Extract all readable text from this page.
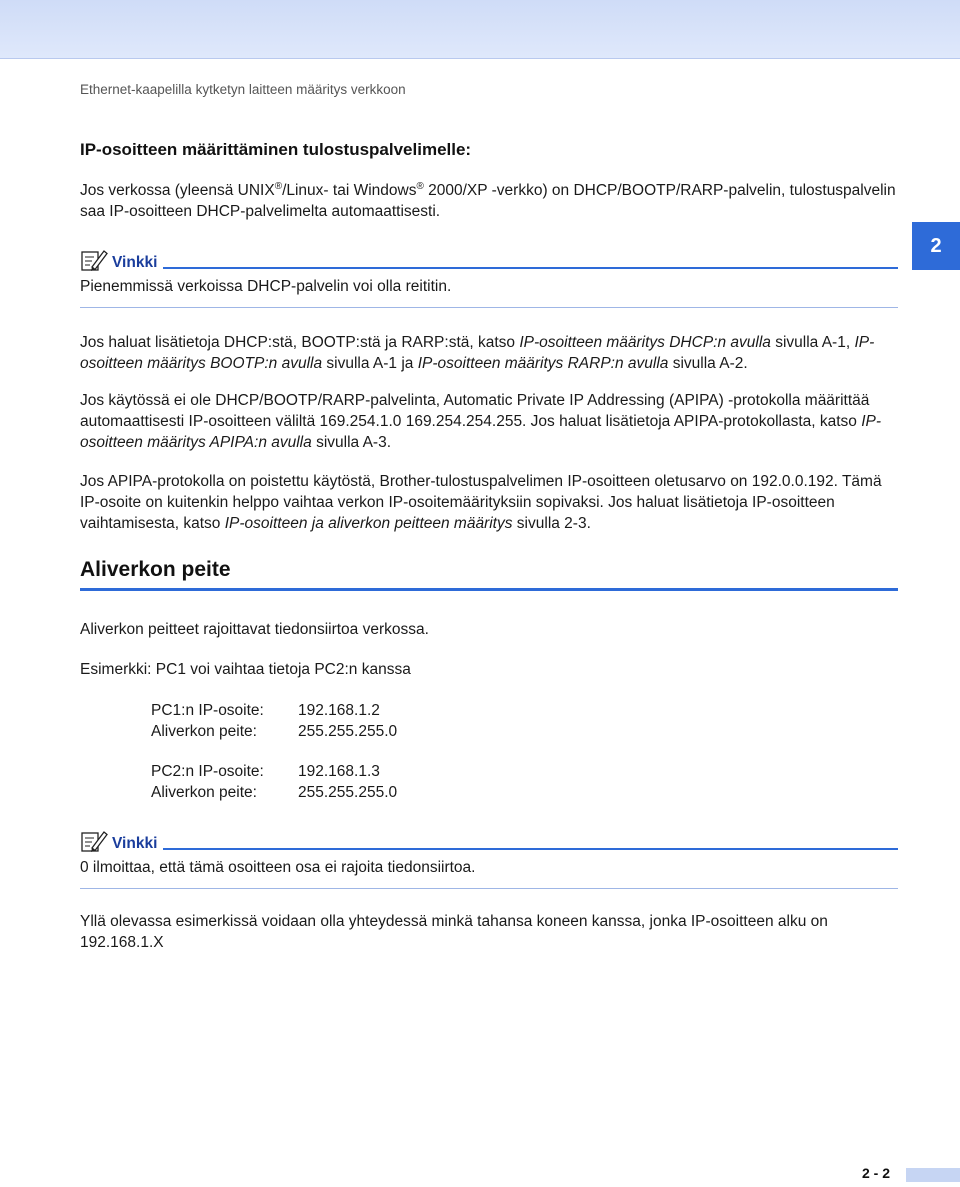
Ethernet-kaapelilla kytketyn laitteen määritys verkkoon
2
IP-osoitteen määrittäminen tulostuspalvelimelle:

Jos verkossa (yleensä UNIX®/Linux- tai Windows® 2000/XP -verkko) on DHCP/BOOTP/RARP-palvelin, tulostuspalvelin saa IP-osoitteen DHCP-palvelimelta automaattisesti.

Vinkki

Pienemmissä verkoissa DHCP-palvelin voi olla reititin.

Jos haluat lisätietoja DHCP:stä, BOOTP:stä ja RARP:stä, katso IP-osoitteen määritys DHCP:n avulla sivulla A-1, IP-osoitteen määritys BOOTP:n avulla sivulla A-1 ja IP-osoitteen määritys RARP:n avulla sivulla A-2.

Jos käytössä ei ole DHCP/BOOTP/RARP-palvelinta, Automatic Private IP Addressing (APIPA) -protokolla määrittää automaattisesti IP-osoitteen väliltä 169.254.1.0 169.254.254.255. Jos haluat lisätietoja APIPA-protokollasta, katso IP-osoitteen määritys APIPA:n avulla sivulla A-3.

Jos APIPA-protokolla on poistettu käytöstä, Brother-tulostuspalvelimen IP-osoitteen oletusarvo on 192.0.0.192. Tämä IP-osoite on kuitenkin helppo vaihtaa verkon IP-osoitemäärityksiin sopivaksi. Jos haluat lisätietoja IP-osoitteen vaihtamisesta, katso IP-osoitteen ja aliverkon peitteen määritys sivulla 2-3.

Aliverkon peite

Aliverkon peitteet rajoittavat tiedonsiirtoa verkossa.

Esimerkki: PC1 voi vaihtaa tietoja PC2:n kanssa

PC1:n IP-osoite:	192.168.1.2
Aliverkon peite:	255.255.255.0
PC2:n IP-osoite:	192.168.1.3
Aliverkon peite:	255.255.255.0
Vinkki

0 ilmoittaa, että tämä osoitteen osa ei rajoita tiedonsiirtoa.

Yllä olevassa esimerkissä voidaan olla yhteydessä minkä tahansa koneen kanssa, jonka IP-osoitteen alku on 192.168.1.X

2 - 2
